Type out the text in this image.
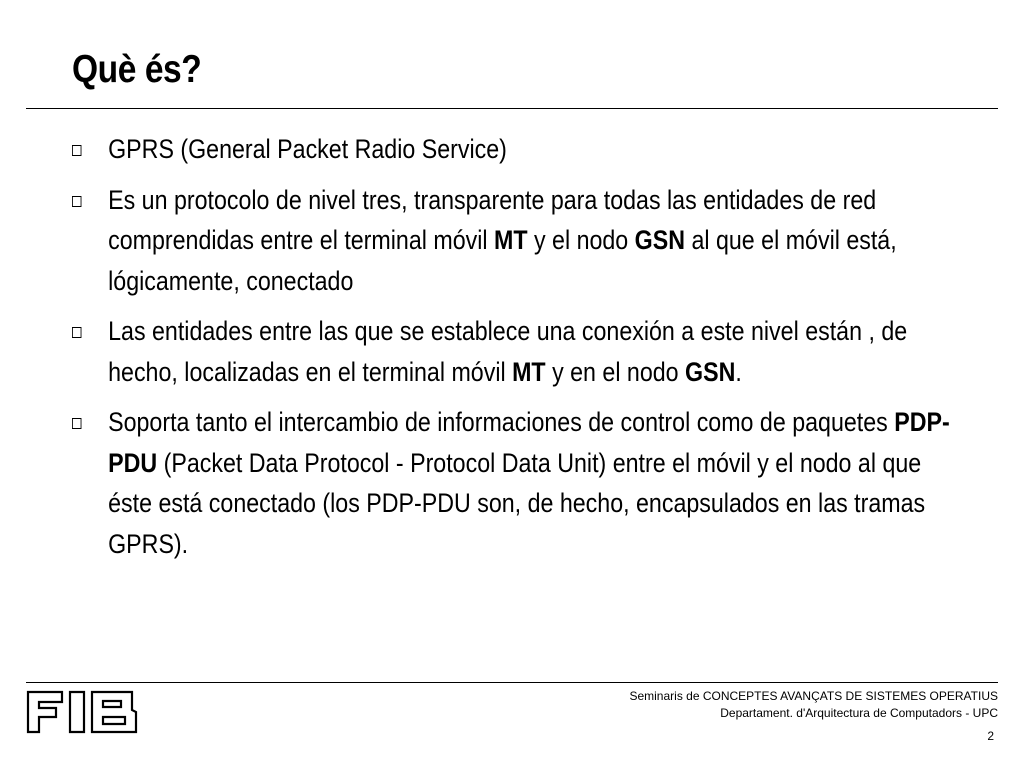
Què és?
GPRS (General Packet Radio Service)
Es un protocolo de nivel tres, transparente para todas las entidades de red comprendidas entre el terminal móvil MT y el nodo GSN al que el móvil está, lógicamente, conectado
Las entidades entre las que se establece una conexión a este nivel están , de hecho, localizadas en el terminal móvil MT y en el nodo GSN.
Soporta tanto el intercambio de informaciones de control como de paquetes PDP-PDU (Packet Data Protocol - Protocol Data Unit) entre el móvil y el nodo al que éste está conectado (los PDP-PDU son, de hecho, encapsulados en las tramas GPRS).
Seminaris de CONCEPTES AVANÇATS DE SISTEMES OPERATIUS
Departament. d'Arquitectura de Computadors - UPC
2
